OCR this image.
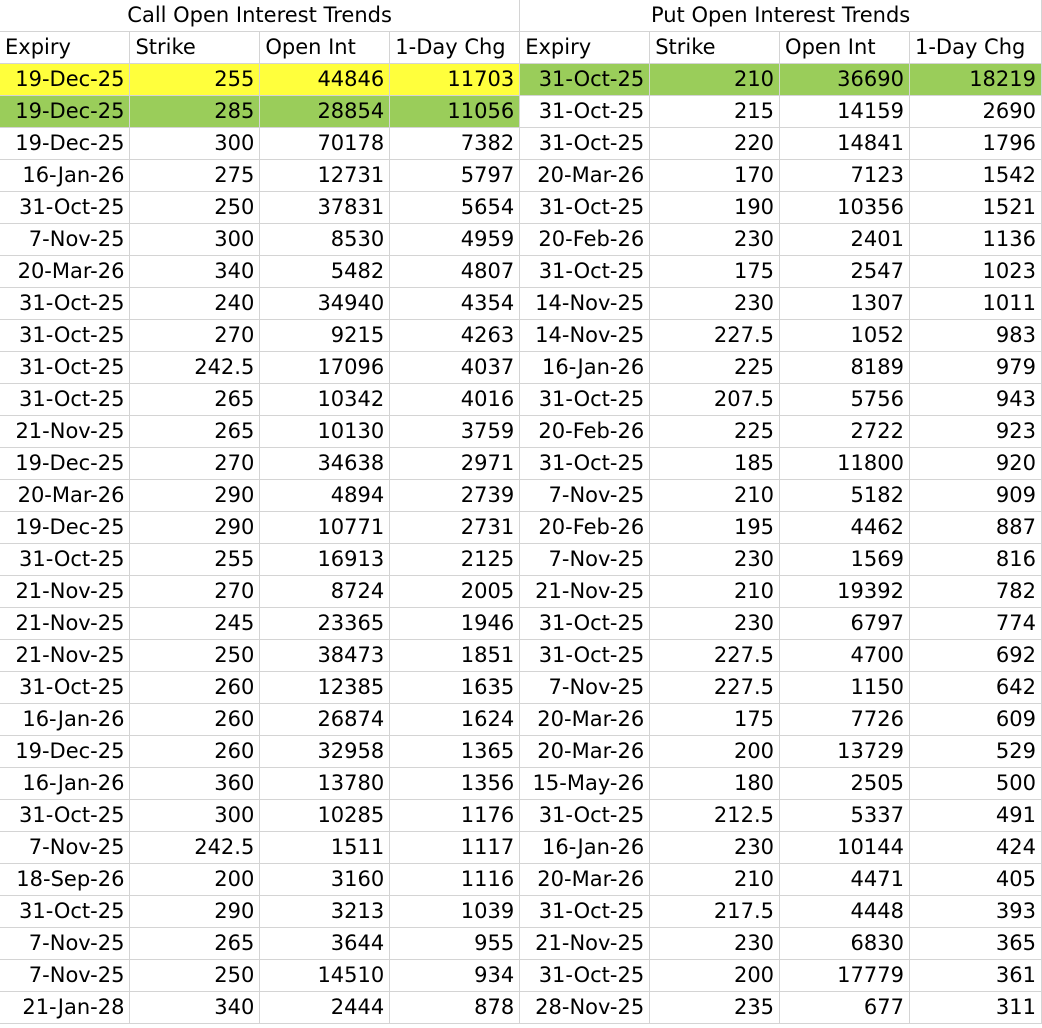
Call Open Interest Trends				Put Open Interest Trends			
Expiry	Strike	Open Int	1-Day Chg	Expiry	Strike	Open Int	1-Day Chg
19-Dec-25	255	44846	11703	31-Oct-25	210	36690	18219
19-Dec-25	285	28854	11056	31-Oct-25	215	14159	2690
19-Dec-25	300	70178	7382	31-Oct-25	220	14841	1796
16-Jan-26	275	12731	5797	20-Mar-26	170	7123	1542
31-Oct-25	250	37831	5654	31-Oct-25	190	10356	1521
7-Nov-25	300	8530	4959	20-Feb-26	230	2401	1136
20-Mar-26	340	5482	4807	31-Oct-25	175	2547	1023
31-Oct-25	240	34940	4354	14-Nov-25	230	1307	1011
31-Oct-25	270	9215	4263	14-Nov-25	227.5	1052	983
31-Oct-25	242.5	17096	4037	16-Jan-26	225	8189	979
31-Oct-25	265	10342	4016	31-Oct-25	207.5	5756	943
21-Nov-25	265	10130	3759	20-Feb-26	225	2722	923
19-Dec-25	270	34638	2971	31-Oct-25	185	11800	920
20-Mar-26	290	4894	2739	7-Nov-25	210	5182	909
19-Dec-25	290	10771	2731	20-Feb-26	195	4462	887
31-Oct-25	255	16913	2125	7-Nov-25	230	1569	816
21-Nov-25	270	8724	2005	21-Nov-25	210	19392	782
21-Nov-25	245	23365	1946	31-Oct-25	230	6797	774
21-Nov-25	250	38473	1851	31-Oct-25	227.5	4700	692
31-Oct-25	260	12385	1635	7-Nov-25	227.5	1150	642
16-Jan-26	260	26874	1624	20-Mar-26	175	7726	609
19-Dec-25	260	32958	1365	20-Mar-26	200	13729	529
16-Jan-26	360	13780	1356	15-May-26	180	2505	500
31-Oct-25	300	10285	1176	31-Oct-25	212.5	5337	491
7-Nov-25	242.5	1511	1117	16-Jan-26	230	10144	424
18-Sep-26	200	3160	1116	20-Mar-26	210	4471	405
31-Oct-25	290	3213	1039	31-Oct-25	217.5	4448	393
7-Nov-25	265	3644	955	21-Nov-25	230	6830	365
7-Nov-25	250	14510	934	31-Oct-25	200	17779	361
21-Jan-28	340	2444	878	28-Nov-25	235	677	311
